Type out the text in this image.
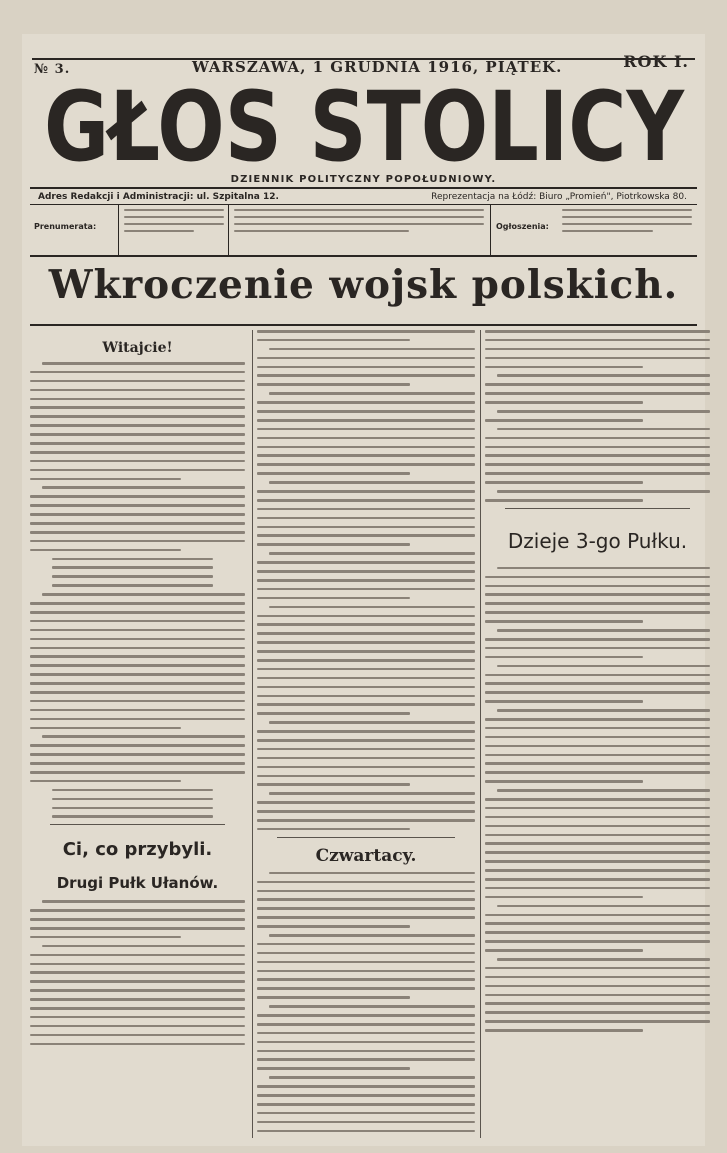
№ 3.	WARSZAWA, 1 GRUDNIA 1916, PIĄTEK.	ROK I.
GŁOS STOLICY
DZIENNIK POLITYCZNY POPOŁUDNIOWY.
Adres Redakcji i Administracji: ul. Szpitalna 12.	Reprezentacja na Łódź: Biuro „Promień", Piotrkowska 80.
Prenumerata:	Ogłoszenia:
Wkroczenie wojsk polskich.
Witajcie!
Ci, co przybyli.
Drugi Pułk Ułanów.
Czwartacy.
Dzieje 3-go Pułku.
